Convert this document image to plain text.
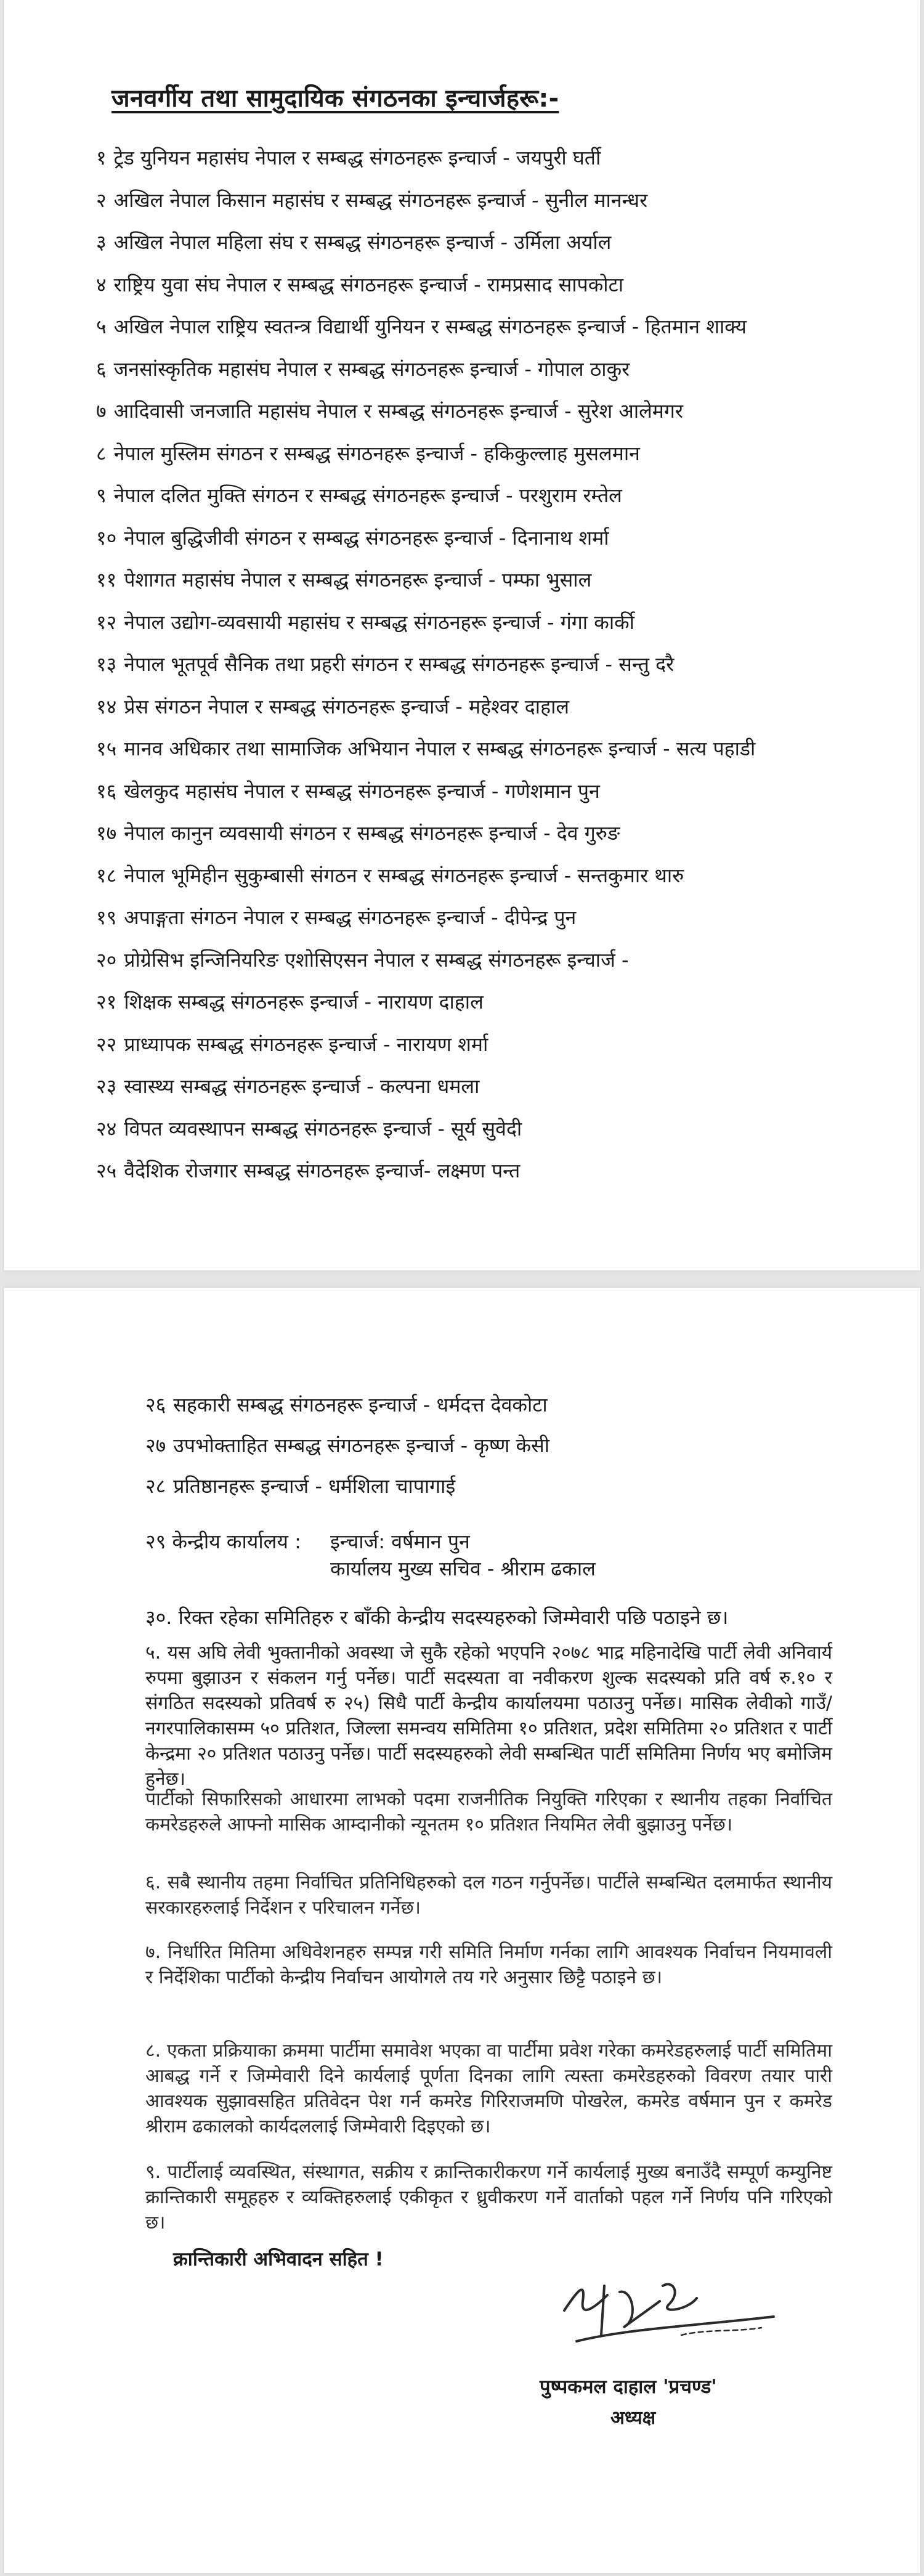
जनवर्गीय तथा सामुदायिक संगठनका इन्चार्जहरू:-
१ ट्रेड युनियन महासंघ नेपाल र सम्बद्ध संगठनहरू इन्चार्ज - जयपुरी घर्ती
२ अखिल नेपाल किसान महासंघ र सम्बद्ध संगठनहरू इन्चार्ज - सुनील मानन्धर
३ अखिल नेपाल महिला संघ र सम्बद्ध संगठनहरू इन्चार्ज - उर्मिला अर्याल
४ राष्ट्रिय युवा संघ नेपाल र सम्बद्ध संगठनहरू इन्चार्ज - रामप्रसाद सापकोटा
५ अखिल नेपाल राष्ट्रिय स्वतन्त्र विद्यार्थी युनियन र सम्बद्ध संगठनहरू इन्चार्ज - हितमान शाक्य
६ जनसांस्कृतिक महासंघ नेपाल र सम्बद्ध संगठनहरू इन्चार्ज - गोपाल ठाकुर
७ आदिवासी जनजाति महासंघ नेपाल र सम्बद्ध संगठनहरू इन्चार्ज - सुरेश आलेमगर
८ नेपाल मुस्लिम संगठन र सम्बद्ध संगठनहरू इन्चार्ज - हकिकुल्लाह मुसलमान
९ नेपाल दलित मुक्ति संगठन र सम्बद्ध संगठनहरू इन्चार्ज - परशुराम रम्तेल
१० नेपाल बुद्धिजीवी संगठन र सम्बद्ध संगठनहरू इन्चार्ज - दिनानाथ शर्मा
११ पेशागत महासंघ नेपाल र सम्बद्ध संगठनहरू इन्चार्ज - पम्फा भुसाल
१२ नेपाल उद्योग-व्यवसायी महासंघ र सम्बद्ध संगठनहरू इन्चार्ज - गंगा कार्की
१३ नेपाल भूतपूर्व सैनिक तथा प्रहरी संगठन र सम्बद्ध संगठनहरू इन्चार्ज - सन्तु दरै
१४ प्रेस संगठन नेपाल र सम्बद्ध संगठनहरू इन्चार्ज - महेश्वर दाहाल
१५ मानव अधिकार तथा सामाजिक अभियान नेपाल र सम्बद्ध संगठनहरू इन्चार्ज - सत्य पहाडी
१६ खेलकुद महासंघ नेपाल र सम्बद्ध संगठनहरू इन्चार्ज - गणेशमान पुन
१७ नेपाल कानुन व्यवसायी संगठन र सम्बद्ध संगठनहरू इन्चार्ज - देव गुरुङ
१८ नेपाल भूमिहीन सुकुम्बासी संगठन र सम्बद्ध संगठनहरू इन्चार्ज - सन्तकुमार थारु
१९ अपाङ्गता संगठन नेपाल र सम्बद्ध संगठनहरू इन्चार्ज - दीपेन्द्र पुन
२० प्रोग्रेसिभ इन्जिनियरिङ एशोसिएसन नेपाल र सम्बद्ध संगठनहरू इन्चार्ज -
२१ शिक्षक सम्बद्ध संगठनहरू इन्चार्ज - नारायण दाहाल
२२ प्राध्यापक सम्बद्ध संगठनहरू इन्चार्ज - नारायण शर्मा
२३ स्वास्थ्य सम्बद्ध संगठनहरू इन्चार्ज - कल्पना धमला
२४ विपत व्यवस्थापन सम्बद्ध संगठनहरू इन्चार्ज - सूर्य सुवेदी
२५ वैदेशिक रोजगार सम्बद्ध संगठनहरू इन्चार्ज- लक्ष्मण पन्त
२६ सहकारी सम्बद्ध संगठनहरू इन्चार्ज - धर्मदत्त देवकोटा
२७ उपभोक्ताहित सम्बद्ध संगठनहरू इन्चार्ज - कृष्ण केसी
२८ प्रतिष्ठानहरू इन्चार्ज - धर्मशिला चापागाई
२९ केन्द्रीय कार्यालय :	इन्चार्ज: वर्षमान पुन
कार्यालय मुख्य सचिव - श्रीराम ढकाल
३०. रिक्त रहेका समितिहरु र बाँकी केन्द्रीय सदस्यहरुको जिम्मेवारी पछि पठाइने छ।
५. यस अघि लेवी भुक्तानीको अवस्था जे सुकै रहेको भएपनि २०७८ भाद्र महिनादेखि पार्टी लेवी अनिवार्य रुपमा बुझाउन र संकलन गर्नु पर्नेछ। पार्टी सदस्यता वा नवीकरण शुल्क सदस्यको प्रति वर्ष रु.१० र संगठित सदस्यको प्रतिवर्ष रु २५) सिधै पार्टी केन्द्रीय कार्यालयमा पठाउनु पर्नेछ। मासिक लेवीको गाउँ/नगरपालिकासम्म ५० प्रतिशत, जिल्ला समन्वय समितिमा १० प्रतिशत, प्रदेश समितिमा २० प्रतिशत र पार्टी केन्द्रमा २० प्रतिशत पठाउनु पर्नेछ। पार्टी सदस्यहरुको लेवी सम्बन्धित पार्टी समितिमा निर्णय भए बमोजिम हुनेछ।
पार्टीको सिफारिसको आधारमा लाभको पदमा राजनीतिक नियुक्ति गरिएका र स्थानीय तहका निर्वाचित कमरेडहरुले आफ्नो मासिक आम्दानीको न्यूनतम १० प्रतिशत नियमित लेवी बुझाउनु पर्नेछ।
६. सबै स्थानीय तहमा निर्वाचित प्रतिनिधिहरुको दल गठन गर्नुपर्नेछ। पार्टीले सम्बन्धित दलमार्फत स्थानीय सरकारहरुलाई निर्देशन र परिचालन गर्नेछ।
७. निर्धारित मितिमा अधिवेशनहरु सम्पन्न गरी समिति निर्माण गर्नका लागि आवश्यक निर्वाचन नियमावली र निर्देशिका पार्टीको केन्द्रीय निर्वाचन आयोगले तय गरे अनुसार छिट्टै पठाइने छ।
८. एकता प्रक्रियाका क्रममा पार्टीमा समावेश भएका वा पार्टीमा प्रवेश गरेका कमरेडहरुलाई पार्टी समितिमा आबद्ध गर्ने र जिम्मेवारी दिने कार्यलाई पूर्णता दिनका लागि त्यस्ता कमरेडहरुको विवरण तयार पारी आवश्यक सुझावसहित प्रतिवेदन पेश गर्न कमरेड गिरिराजमणि पोखरेल, कमरेड वर्षमान पुन र कमरेड श्रीराम ढकालको कार्यदललाई जिम्मेवारी दिइएको छ।
९. पार्टीलाई व्यवस्थित, संस्थागत, सक्रीय र क्रान्तिकारीकरण गर्ने कार्यलाई मुख्य बनाउँदै सम्पूर्ण कम्युनिष्ट क्रान्तिकारी समूहहरु र व्यक्तिहरुलाई एकीकृत र ध्रुवीकरण गर्ने वार्ताको पहल गर्ने निर्णय पनि गरिएको छ।
क्रान्तिकारी अभिवादन सहित !
पुष्पकमल दाहाल 'प्रचण्ड'
अध्यक्ष
